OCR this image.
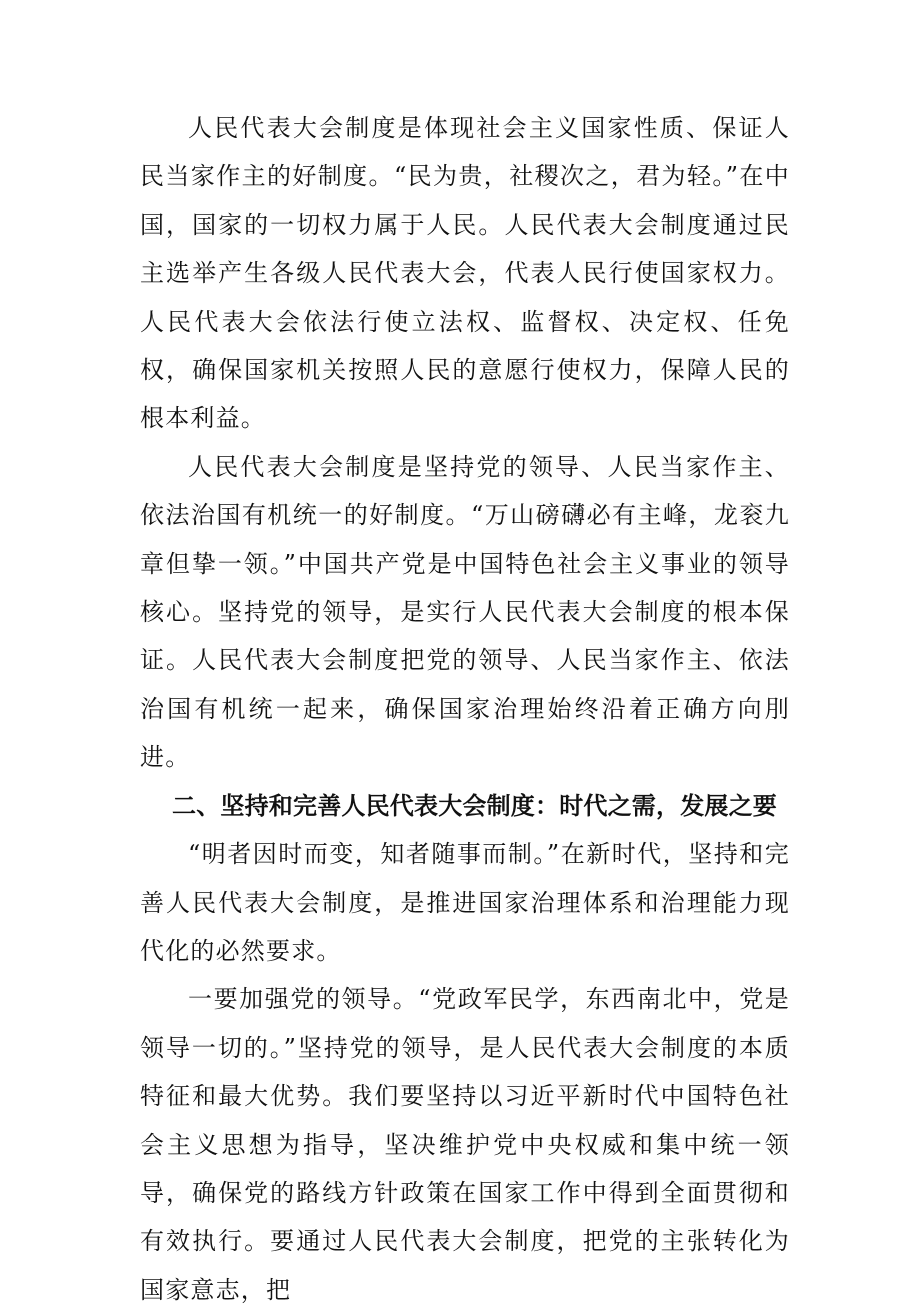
人民代表大会制度是体现社会主义国家性质、保证人民当家作主的好制度。“民为贵，社稷次之，君为轻。”在中国，国家的一切权力属于人民。人民代表大会制度通过民主选举产生各级人民代表大会，代表人民行使国家权力。人民代表大会依法行使立法权、监督权、决定权、任免权，确保国家机关按照人民的意愿行使权力，保障人民的根本利益。

人民代表大会制度是坚持党的领导、人民当家作主、依法治国有机统一的好制度。“万山磅礴必有主峰，龙衮九章但挚一领。”中国共产党是中国特色社会主义事业的领导核心。坚持党的领导，是实行人民代表大会制度的根本保证。人民代表大会制度把党的领导、人民当家作主、依法治国有机统一起来，确保国家治理始终沿着正确方向刖进。

二、坚持和完善人民代表大会制度：时代之需，发展之要

“明者因时而变，知者随事而制。”在新时代，坚持和完善人民代表大会制度，是推进国家治理体系和治理能力现代化的必然要求。

一要加强党的领导。“党政军民学，东西南北中，党是领导一切的。”坚持党的领导，是人民代表大会制度的本质特征和最大优势。我们要坚持以习近平新时代中国特色社会主义思想为指导，坚决维护党中央权威和集中统一领导，确保党的路线方针政策在国家工作中得到全面贯彻和有效执行。要通过人民代表大会制度，把党的主张转化为国家意志，把
